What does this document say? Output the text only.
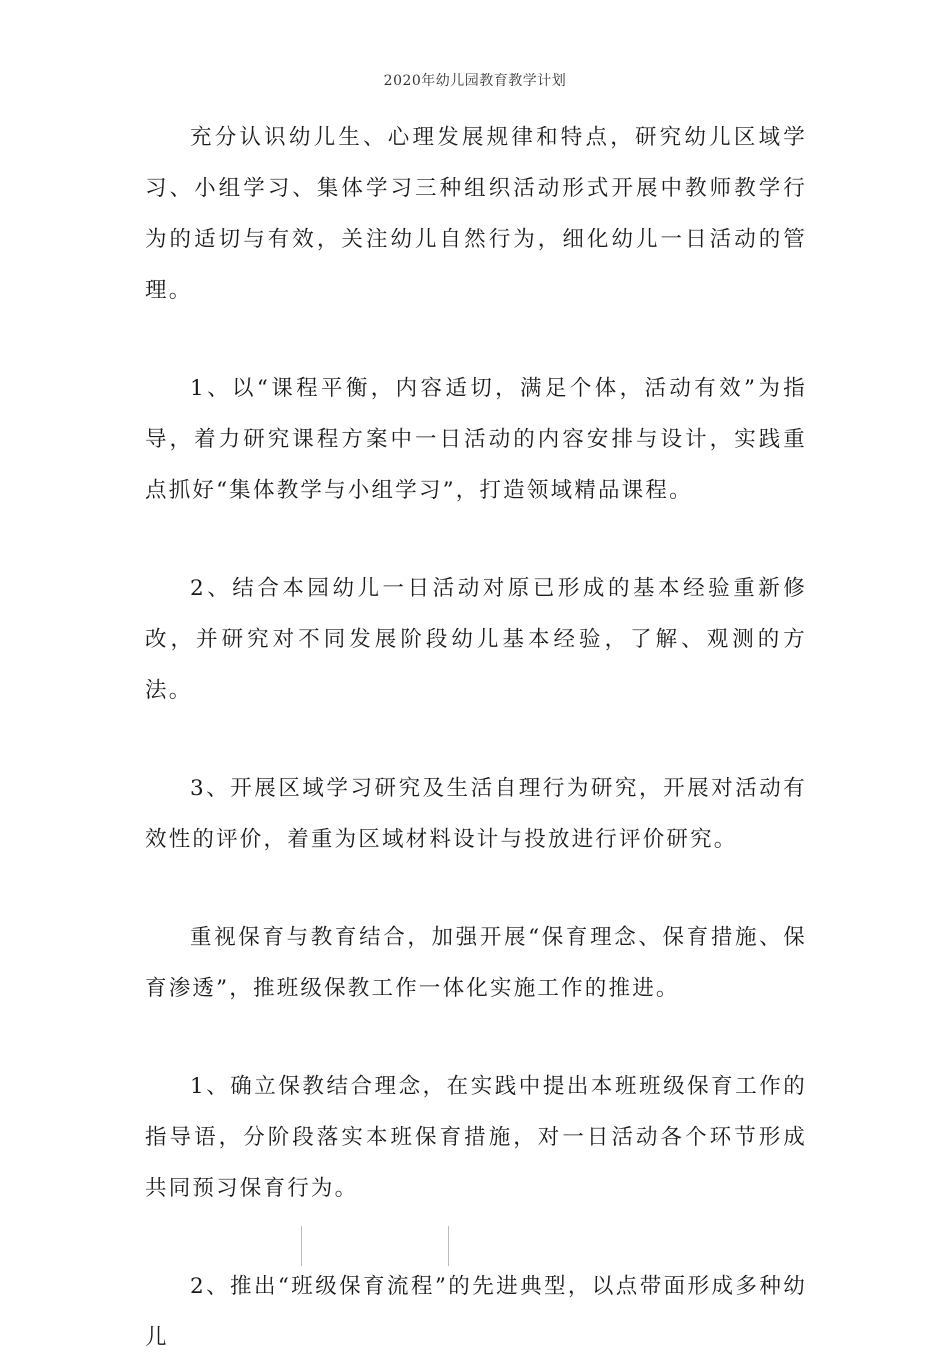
2020年幼儿园教育教学计划

充分认识幼儿生、心理发展规律和特点，研究幼儿区域学习、小组学习、集体学习三种组织活动形式开展中教师教学行为的适切与有效，关注幼儿自然行为，细化幼儿一日活动的管理。

1、以“课程平衡，内容适切，满足个体，活动有效”为指导，着力研究课程方案中一日活动的内容安排与设计，实践重点抓好“集体教学与小组学习”，打造领域精品课程。

2、结合本园幼儿一日活动对原已形成的基本经验重新修改，并研究对不同发展阶段幼儿基本经验，了解、观测的方法。

3、开展区域学习研究及生活自理行为研究，开展对活动有效性的评价，着重为区域材料设计与投放进行评价研究。

重视保育与教育结合，加强开展“保育理念、保育措施、保育渗透”，推班级保教工作一体化实施工作的推进。

1、确立保教结合理念，在实践中提出本班班级保育工作的指导语，分阶段落实本班保育措施，对一日活动各个环节形成共同预习保育行为。

2、推出“班级保育流程”的先进典型，以点带面形成多种幼儿
